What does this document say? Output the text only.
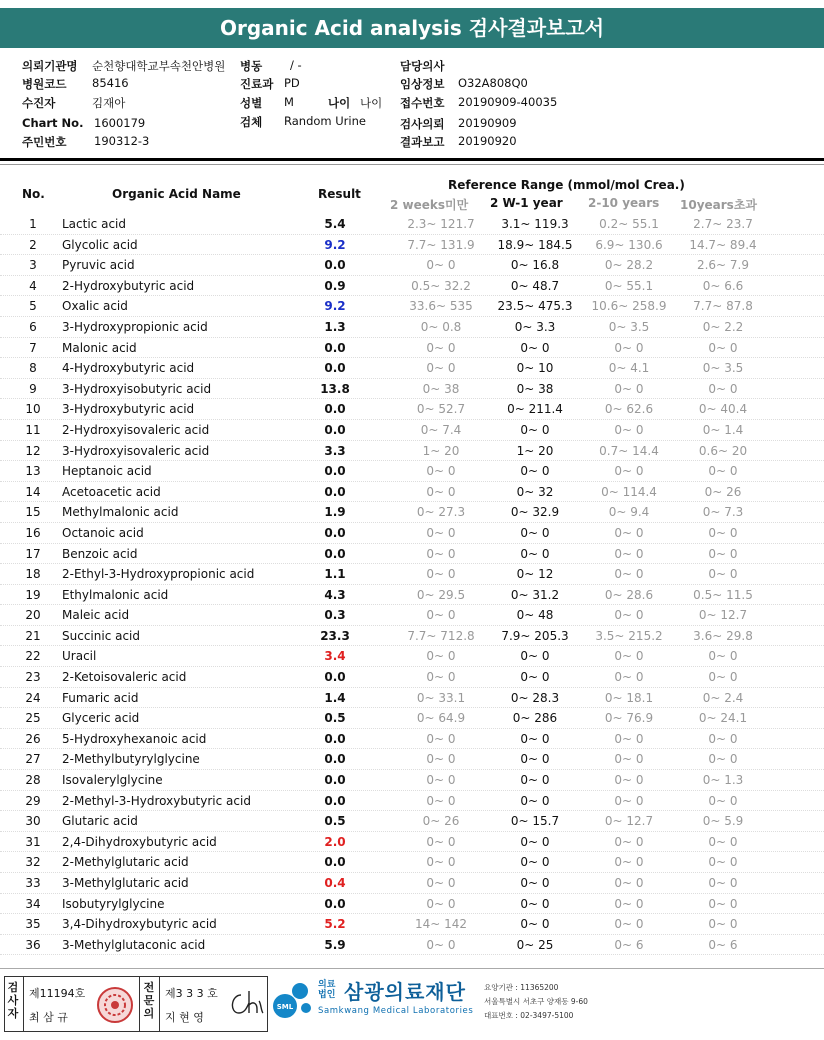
Organic Acid analysis 검사결과보고서
의뢰기관명 순천향대학교부속천안병원 병동 / -	담당의사
병원코드 85416	진료과 PD	임상정보 O32A808Q0
수진자	김재아	성별 M	나이 나이 접수번호 20190909-40035
Chart No. 1600179	검체 Random Urine	검사의뢰 20190909
주민번호 190312-3	결과보고 20190920
No.	Organic Acid Name	Result
Reference Range (mmol/mol Crea.)
2 weeks미만 2 W-1 year 2-10 years 10years초과
1	Lactic acid	5.4	2.3~ 121.7	3.1~ 119.3	0.2~ 55.1	2.7~ 23.7
2	Glycolic acid	9.2	7.7~ 131.9	18.9~ 184.5	6.9~ 130.6	14.7~ 89.4
3	Pyruvic acid	0.0	0~ 0	0~ 16.8	0~ 28.2	2.6~ 7.9
4	2-Hydroxybutyric acid	0.9	0.5~ 32.2	0~ 48.7	0~ 55.1	0~ 6.6
5	Oxalic acid	9.2	33.6~ 535	23.5~ 475.3	10.6~ 258.9	7.7~ 87.8
6	3-Hydroxypropionic acid	1.3	0~ 0.8	0~ 3.3	0~ 3.5	0~ 2.2
7	Malonic acid	0.0	0~ 0	0~ 0	0~ 0	0~ 0
8	4-Hydroxybutyric acid	0.0	0~ 0	0~ 10	0~ 4.1	0~ 3.5
9	3-Hydroxyisobutyric acid	13.8	0~ 38	0~ 38	0~ 0	0~ 0
10	3-Hydroxybutyric acid	0.0	0~ 52.7	0~ 211.4	0~ 62.6	0~ 40.4
11	2-Hydroxyisovaleric acid	0.0	0~ 7.4	0~ 0	0~ 0	0~ 1.4
12	3-Hydroxyisovaleric acid	3.3	1~ 20	1~ 20	0.7~ 14.4	0.6~ 20
13	Heptanoic acid	0.0	0~ 0	0~ 0	0~ 0	0~ 0
14	Acetoacetic acid	0.0	0~ 0	0~ 32	0~ 114.4	0~ 26
15	Methylmalonic acid	1.9	0~ 27.3	0~ 32.9	0~ 9.4	0~ 7.3
16	Octanoic acid	0.0	0~ 0	0~ 0	0~ 0	0~ 0
17	Benzoic acid	0.0	0~ 0	0~ 0	0~ 0	0~ 0
18	2-Ethyl-3-Hydroxypropionic acid	1.1	0~ 0	0~ 12	0~ 0	0~ 0
19	Ethylmalonic acid	4.3	0~ 29.5	0~ 31.2	0~ 28.6	0.5~ 11.5
20	Maleic acid	0.3	0~ 0	0~ 48	0~ 0	0~ 12.7
21	Succinic acid	23.3	7.7~ 712.8	7.9~ 205.3	3.5~ 215.2	3.6~ 29.8
22	Uracil	3.4	0~ 0	0~ 0	0~ 0	0~ 0
23	2-Ketoisovaleric acid	0.0	0~ 0	0~ 0	0~ 0	0~ 0
24	Fumaric acid	1.4	0~ 33.1	0~ 28.3	0~ 18.1	0~ 2.4
25	Glyceric acid	0.5	0~ 64.9	0~ 286	0~ 76.9	0~ 24.1
26	5-Hydroxyhexanoic acid	0.0	0~ 0	0~ 0	0~ 0	0~ 0
27	2-Methylbutyrylglycine	0.0	0~ 0	0~ 0	0~ 0	0~ 0
28	Isovalerylglycine	0.0	0~ 0	0~ 0	0~ 0	0~ 1.3
29	2-Methyl-3-Hydroxybutyric acid	0.0	0~ 0	0~ 0	0~ 0	0~ 0
30	Glutaric acid	0.5	0~ 26	0~ 15.7	0~ 12.7	0~ 5.9
31	2,4-Dihydroxybutyric acid	2.0	0~ 0	0~ 0	0~ 0	0~ 0
32	2-Methylglutaric acid	0.0	0~ 0	0~ 0	0~ 0	0~ 0
33	3-Methylglutaric acid	0.4	0~ 0	0~ 0	0~ 0	0~ 0
34	Isobutyrylglycine	0.0	0~ 0	0~ 0	0~ 0	0~ 0
35	3,4-Dihydroxybutyric acid	5.2	14~ 142	0~ 0	0~ 0	0~ 0
36	3-Methylglutaconic acid	5.9	0~ 0	0~ 25	0~ 6	0~ 6
검사자
제11194호
최 삼 규
전문의
제3 3 3 호
지 현 영
SML
의료
법인 삼광의료재단
Samkwang Medical Laboratories
요양기관 : 11365200
서울특별시 서초구 양재동 9-60
대표번호 : 02-3497-5100
